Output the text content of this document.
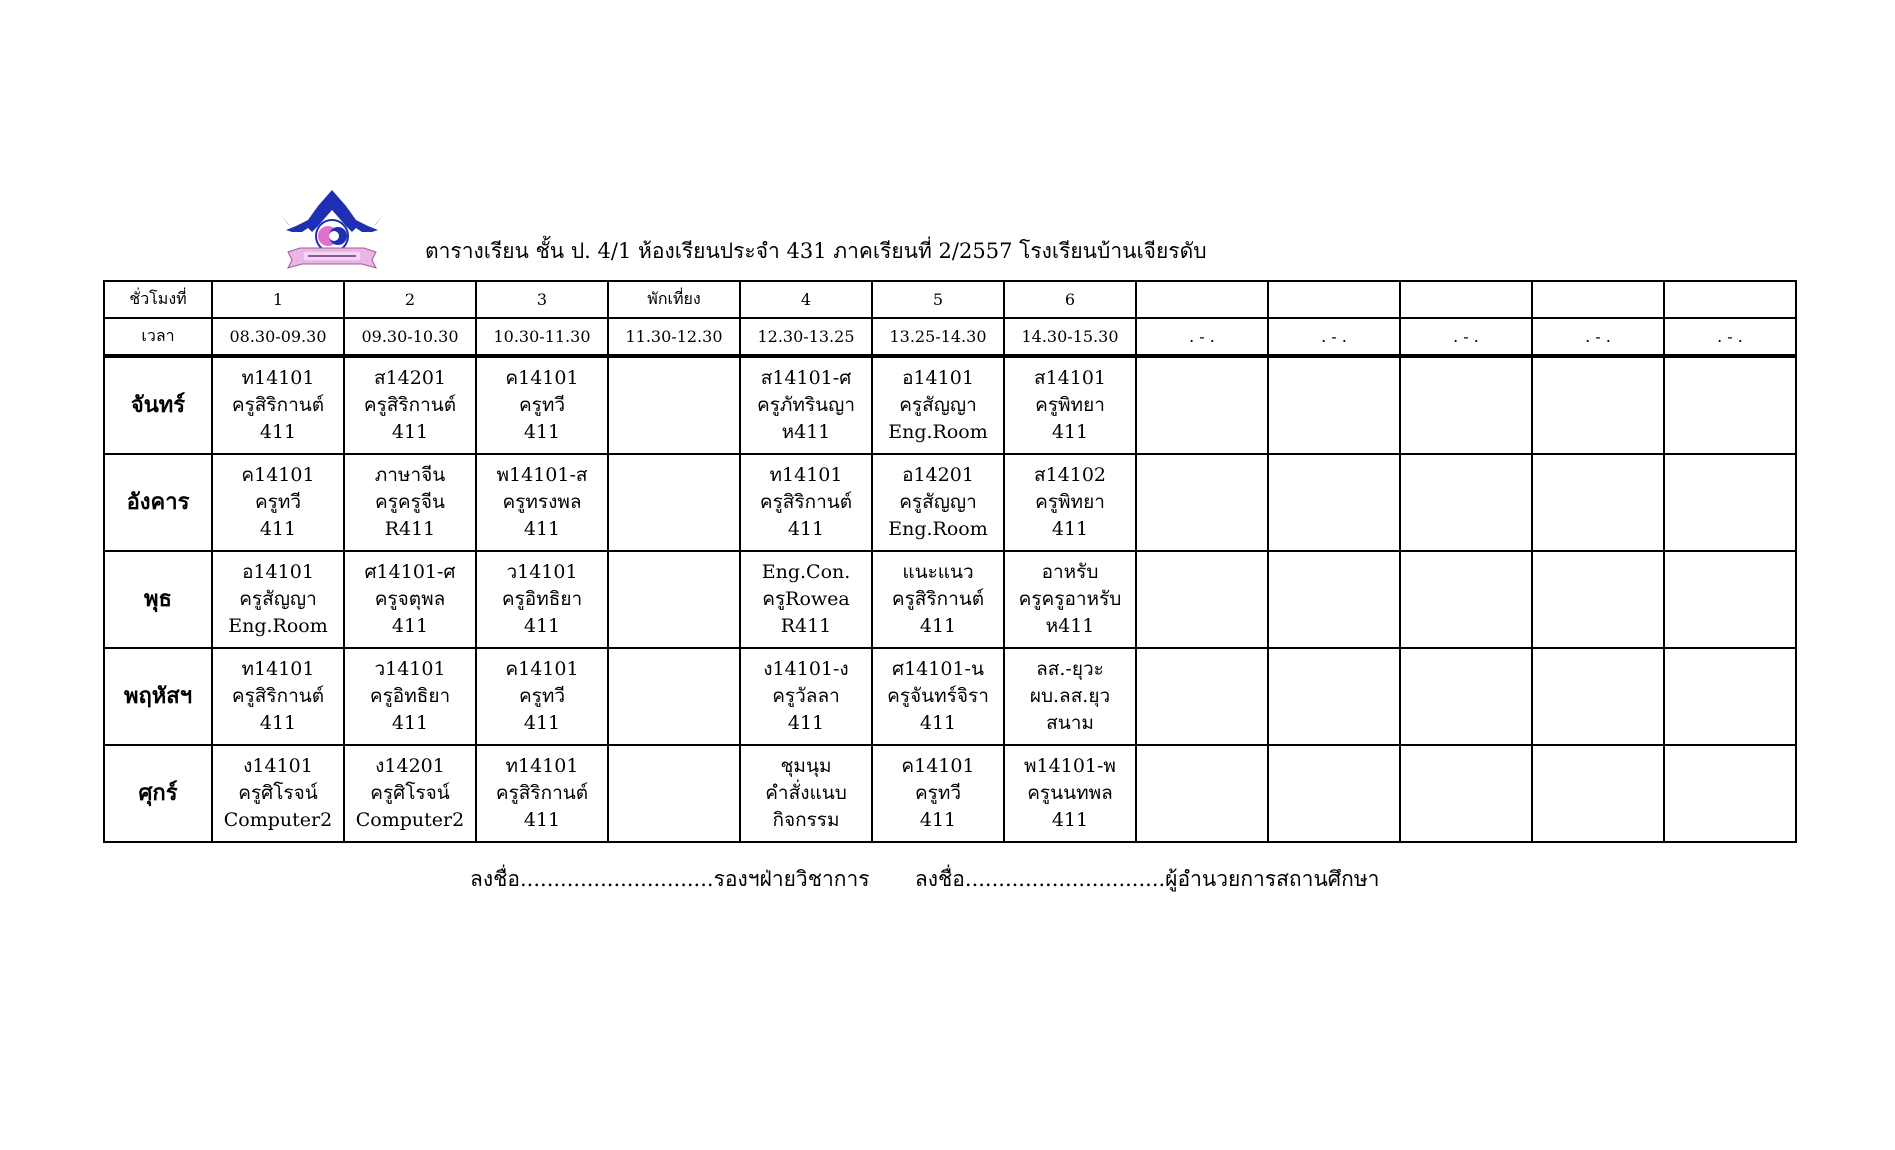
ตารางเรียน ชั้น ป. 4/1 ห้องเรียนประจำ 431 ภาคเรียนที่ 2/2557 โรงเรียนบ้านเจียรดับ
ชั่วโมงที่	1	2	3	พักเที่ยง	4	5	6					
เวลา	08.30-09.30	09.30-10.30	10.30-11.30	11.30-12.30	12.30-13.25	13.25-14.30	14.30-15.30	. - .	. - .	. - .	. - .	. - .
จันทร์	ท14101
ครูสิริกานต์
411	ส14201
ครูสิริกานต์
411	ค14101
ครูทวี
411		ส14101-ศ
ครูภัทรินญา
ห411	อ14101
ครูสัญญา
Eng.Room	ส14101
ครูพิทยา
411					

อังคาร	ค14101
ครูทวี
411	ภาษาจีน
ครูครูจีน
R411	พ14101-ส
ครูทรงพล
411		ท14101
ครูสิริกานต์
411	อ14201
ครูสัญญา
Eng.Room	ส14102
ครูพิทยา
411					

พุธ	อ14101
ครูสัญญา
Eng.Room	ศ14101-ศ
ครูจตุพล
411	ว14101
ครูอิทธิยา
411		Eng.Con.
ครูRowea
R411	แนะแนว
ครูสิริกานต์
411	อาหรับ
ครูครูอาหรับ
ห411					

พฤหัสฯ	ท14101
ครูสิริกานต์
411	ว14101
ครูอิทธิยา
411	ค14101
ครูทวี
411		ง14101-ง
ครูวัลลา
411	ศ14101-น
ครูจันทร์จิรา
411	ลส.-ยุวะ
ผบ.ลส.ยุว
สนาม					

ศุกร์	ง14101
ครูศิโรจน์
Computer2	ง14201
ครูศิโรจน์
Computer2	ท14101
ครูสิริกานต์
411		ชุมนุม
คำสั่งแนบ
กิจกรรม	ค14101
ครูทวี
411	พ14101-พ
ครูนนทพล
411					

ลงชื่อ.............................รองฯฝ่ายวิชาการ ลงชื่อ..............................ผู้อำนวยการสถานศึกษา
